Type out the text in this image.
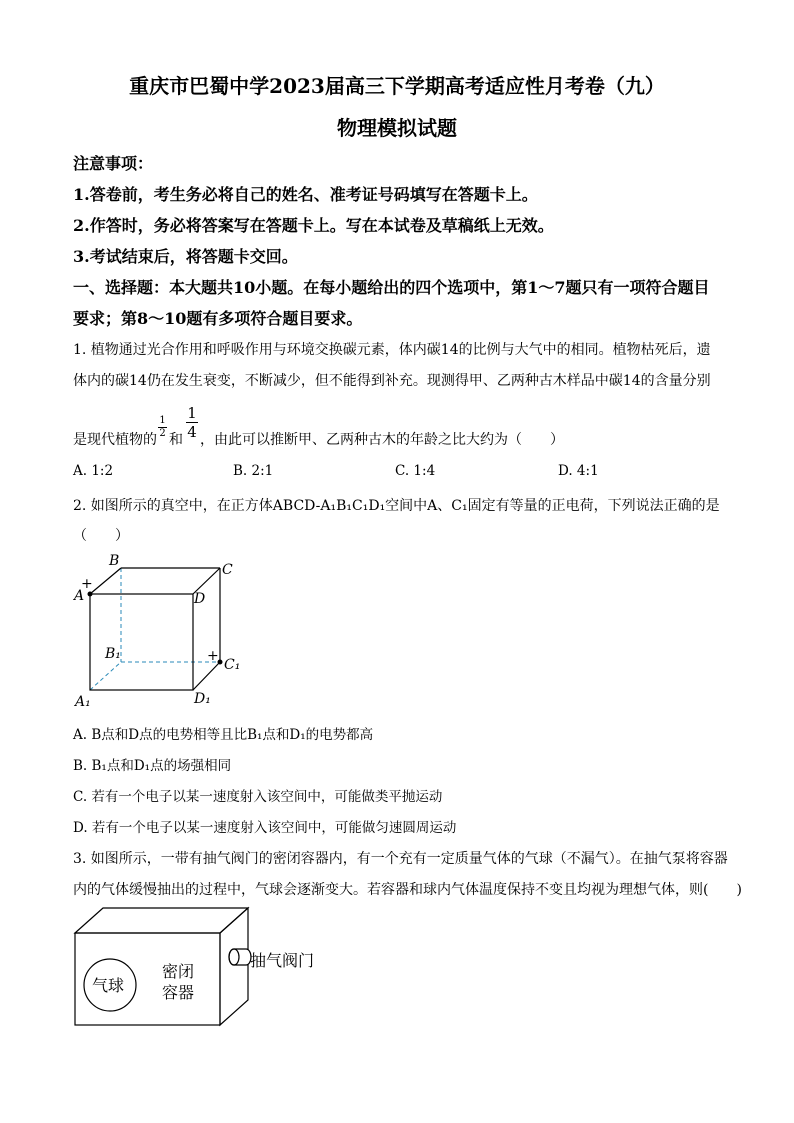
重庆市巴蜀中学2023届高三下学期高考适应性月考卷（九）
物理模拟试题
注意事项：
1.答卷前，考生务必将自己的姓名、准考证号码填写在答题卡上。
2.作答时，务必将答案写在答题卡上。写在本试卷及草稿纸上无效。
3.考试结束后，将答题卡交回。
一、选择题：本大题共10小题。在每小题给出的四个选项中，第1～7题只有一项符合题目
要求；第8～10题有多项符合题目要求。
1. 植物通过光合作用和呼吸作用与环境交换碳元素，体内碳14的比例与大气中的相同。植物枯死后，遗
体内的碳14仍在发生衰变，不断减少，但不能得到补充。现测得甲、乙两种古木样品中碳14的含量分别
是现代植物的
1
2 和
1
4 ，由此可以推断甲、乙两种古木的年龄之比大约为（　　）
A. 1:2	B. 2:1	C. 1:4	D. 4:1
2. 如图所示的真空中，在正方体ABCD-A₁B₁C₁D₁空间中A、C₁固定有等量的正电荷，下列说法正确的是
（　　）
+
+
B
C
A	D
B₁
C₁
A₁	D₁
A. B点和D点的电势相等且比B₁点和D₁的电势都高
B. B₁点和D₁点的场强相同
C. 若有一个电子以某一速度射入该空间中，可能做类平抛运动
D. 若有一个电子以某一速度射入该空间中，可能做匀速圆周运动
3. 如图所示，一带有抽气阀门的密闭容器内，有一个充有一定质量气体的气球（不漏气）。在抽气泵将容器
内的气体缓慢抽出的过程中，气球会逐渐变大。若容器和球内气体温度保持不变且均视为理想气体，则(　　)
气球
密闭
容器
抽气阀门
